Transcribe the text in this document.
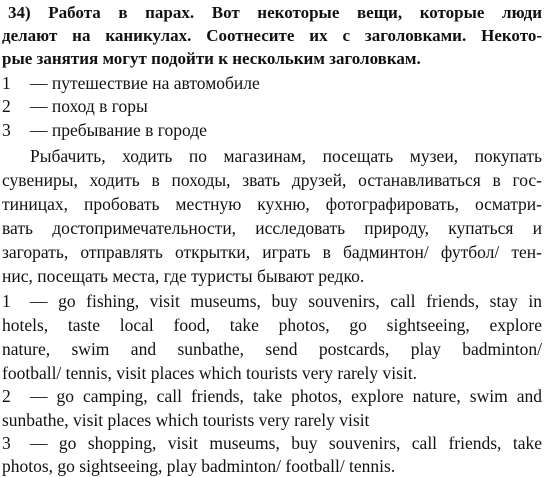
34) Работа в парах. Вот некоторые вещи, которые люди
делают на каникулах. Соотнесите их с заголовками. Некото-
рые занятия могут подойти к нескольким заголовкам.
1 — путешествие на автомобиле
2 — поход в горы
3 — пребывание в городе
Рыбачить, ходить по магазинам, посещать музеи, покупать
сувениры, ходить в походы, звать друзей, останавливаться в гос-
тиницах, пробовать местную кухню, фотографировать, осматри-
вать достопримечательности, исследовать природу, купаться и
загорать, отправлять открытки, играть в бадминтон/ футбол/ тен-
нис, посещать места, где туристы бывают редко.
1 — go fishing, visit museums, buy souvenirs, call friends, stay in
hotels, taste local food, take photos, go sightseeing, explore
nature, swim and sunbathe, send postcards, play badminton/
football/ tennis, visit places which tourists very rarely visit.
2 — go camping, call friends, take photos, explore nature, swim and
sunbathe, visit places which tourists very rarely visit
3 — go shopping, visit museums, buy souvenirs, call friends, take
photos, go sightseeing, play badminton/ football/ tennis.
